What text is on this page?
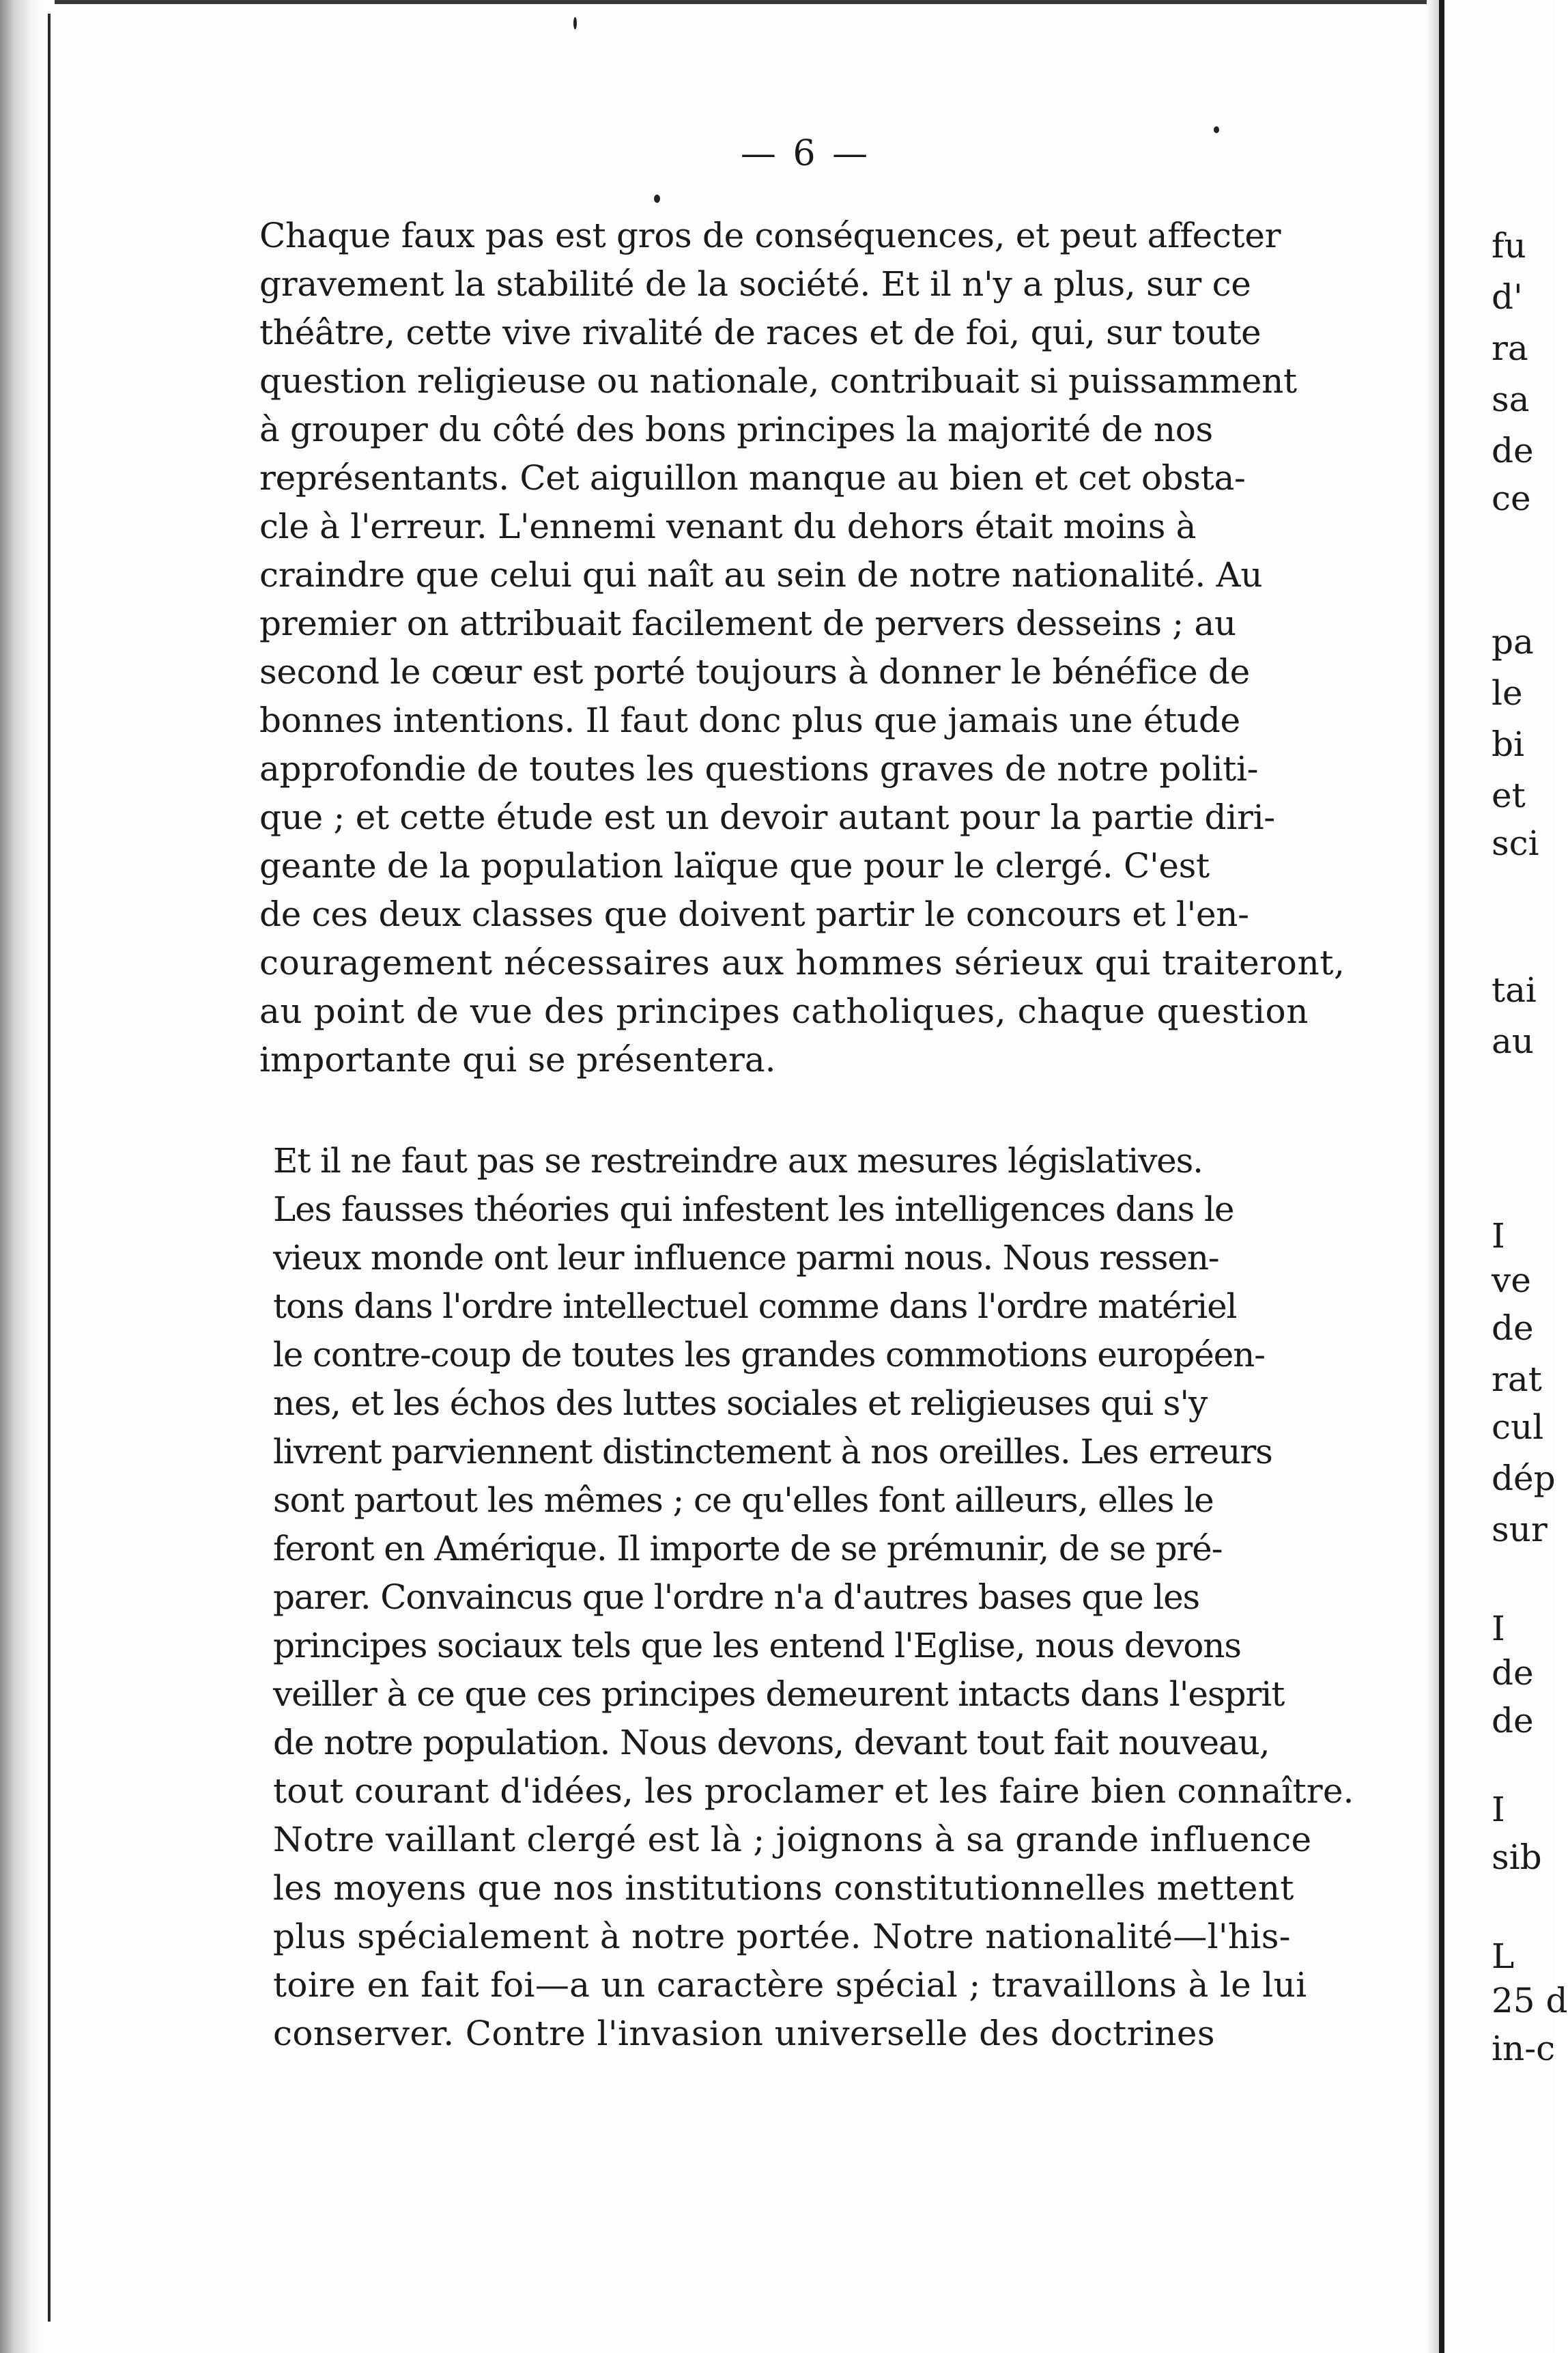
— 6 —
Chaque faux pas est gros de conséquences, et peut affecter
gravement la stabilité de la société. Et il n'y a plus, sur ce
théâtre, cette vive rivalité de races et de foi, qui, sur toute
question religieuse ou nationale, contribuait si puissamment
à grouper du côté des bons principes la majorité de nos
représentants. Cet aiguillon manque au bien et cet obsta-
cle à l'erreur. L'ennemi venant du dehors était moins à
craindre que celui qui naît au sein de notre nationalité. Au
premier on attribuait facilement de pervers desseins ; au
second le cœur est porté toujours à donner le bénéfice de
bonnes intentions. Il faut donc plus que jamais une étude
approfondie de toutes les questions graves de notre politi-
que ; et cette étude est un devoir autant pour la partie diri-
geante de la population laïque que pour le clergé. C'est
de ces deux classes que doivent partir le concours et l'en-
couragement nécessaires aux hommes sérieux qui traiteront,
au point de vue des principes catholiques, chaque question
importante qui se présentera.
Et il ne faut pas se restreindre aux mesures législatives.
Les fausses théories qui infestent les intelligences dans le
vieux monde ont leur influence parmi nous. Nous ressen-
tons dans l'ordre intellectuel comme dans l'ordre matériel
le contre-coup de toutes les grandes commotions européen-
nes, et les échos des luttes sociales et religieuses qui s'y
livrent parviennent distinctement à nos oreilles. Les erreurs
sont partout les mêmes ; ce qu'elles font ailleurs, elles le
feront en Amérique. Il importe de se prémunir, de se pré-
parer. Convaincus que l'ordre n'a d'autres bases que les
principes sociaux tels que les entend l'Eglise, nous devons
veiller à ce que ces principes demeurent intacts dans l'esprit
de notre population. Nous devons, devant tout fait nouveau,
tout courant d'idées, les proclamer et les faire bien connaître.
Notre vaillant clergé est là ; joignons à sa grande influence
les moyens que nos institutions constitutionnelles mettent
plus spécialement à notre portée. Notre nationalité—l'his-
toire en fait foi—a un caractère spécial ; travaillons à le lui
conserver. Contre l'invasion universelle des doctrines
fu
d'
ra
sa
de
ce
pa
le
bi
et
sci
tai
au
I
ve
de
rat
cul
dép
sur
I
de
de
I
sib
L
25 d
in-c
